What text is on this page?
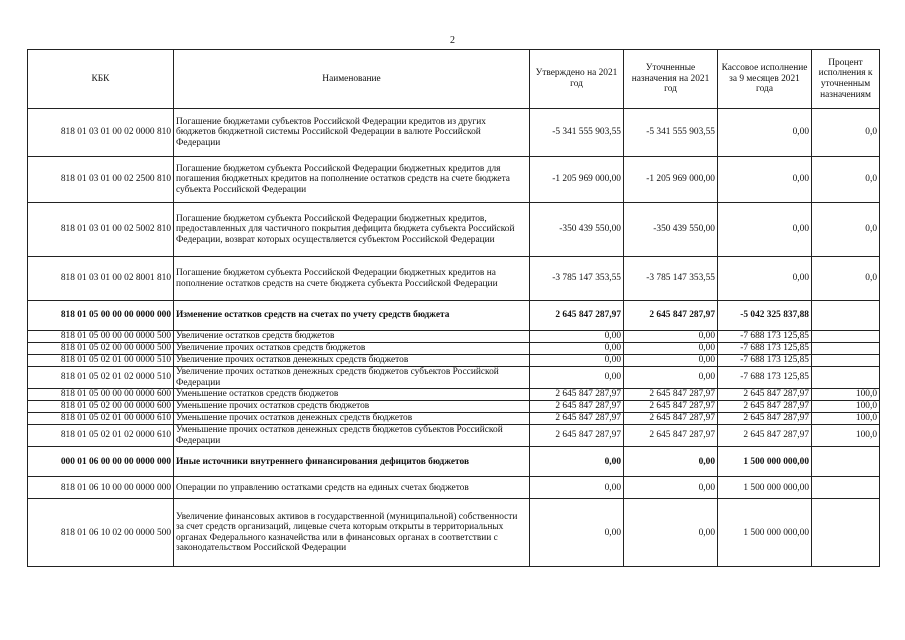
2
КБК	Наименование	Утверждено на 2021 год	Уточненные назначения на 2021 год	Кассовое исполнение за 9 месяцев 2021 года	Процент исполнения к уточненным назначениям
818 01 03 01 00 02 0000 810	Погашение бюджетами субъектов Российской Федерации кредитов из других бюджетов бюджетной системы Российской Федерации в валюте Российской Федерации	-5 341 555 903,55	-5 341 555 903,55	0,00	0,0
818 01 03 01 00 02 2500 810	Погашение бюджетом субъекта Российской Федерации бюджетных кредитов для погашения бюджетных кредитов на пополнение остатков средств на счете бюджета субъекта Российской Федерации	-1 205 969 000,00	-1 205 969 000,00	0,00	0,0
818 01 03 01 00 02 5002 810	Погашение бюджетом субъекта Российской Федерации бюджетных кредитов, предоставленных для частичного покрытия дефицита бюджета субъекта Российской Федерации, возврат которых осуществляется субъектом Российской Федерации	-350 439 550,00	-350 439 550,00	0,00	0,0
818 01 03 01 00 02 8001 810	Погашение бюджетом субъекта Российской Федерации бюджетных кредитов на пополнение остатков средств на счете бюджета субъекта Российской Федерации	-3 785 147 353,55	-3 785 147 353,55	0,00	0,0
818 01 05 00 00 00 0000 000	Изменение остатков средств на счетах по учету средств бюджета	2 645 847 287,97	2 645 847 287,97	-5 042 325 837,88	
818 01 05 00 00 00 0000 500	Увеличение остатков средств бюджетов	0,00	0,00	-7 688 173 125,85	
818 01 05 02 00 00 0000 500	Увеличение прочих остатков средств бюджетов	0,00	0,00	-7 688 173 125,85	
818 01 05 02 01 00 0000 510	Увеличение прочих остатков денежных средств бюджетов	0,00	0,00	-7 688 173 125,85	
818 01 05 02 01 02 0000 510	Увеличение прочих остатков денежных средств бюджетов субъектов Российской Федерации	0,00	0,00	-7 688 173 125,85	
818 01 05 00 00 00 0000 600	Уменьшение остатков средств бюджетов	2 645 847 287,97	2 645 847 287,97	2 645 847 287,97	100,0
818 01 05 02 00 00 0000 600	Уменьшение прочих остатков средств бюджетов	2 645 847 287,97	2 645 847 287,97	2 645 847 287,97	100,0
818 01 05 02 01 00 0000 610	Уменьшение прочих остатков денежных средств бюджетов	2 645 847 287,97	2 645 847 287,97	2 645 847 287,97	100,0
818 01 05 02 01 02 0000 610	Уменьшение прочих остатков денежных средств бюджетов субъектов Российской Федерации	2 645 847 287,97	2 645 847 287,97	2 645 847 287,97	100,0
000 01 06 00 00 00 0000 000	Иные источники внутреннего финансирования дефицитов бюджетов	0,00	0,00	1 500 000 000,00	
818 01 06 10 00 00 0000 000	Операции по управлению остатками средств на единых счетах бюджетов	0,00	0,00	1 500 000 000,00	
818 01 06 10 02 00 0000 500	Увеличение финансовых активов в государственной (муниципальной) собственности за счет средств организаций, лицевые счета которым открыты в территориальных органах Федерального казначейства или в финансовых органах в соответствии с законодательством Российской Федерации	0,00	0,00	1 500 000 000,00	
